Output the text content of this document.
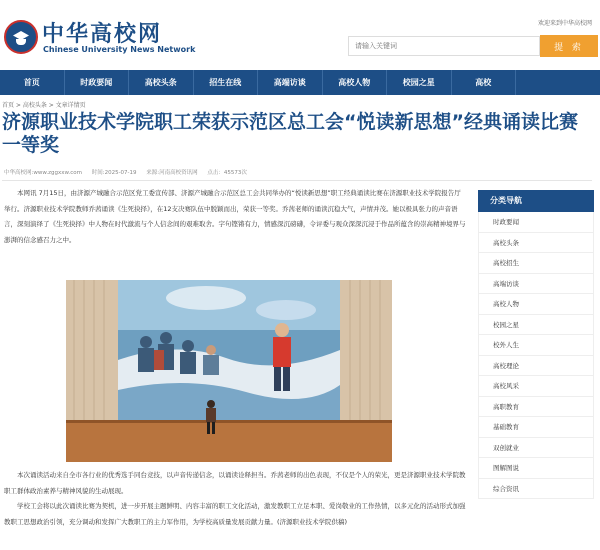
中华高校网
Chinese University News Network
欢迎来到中华高校网
请输入关键词
提 索
首页	时政要闻	高校头条	招生在线	高端访谈	高校人物	校园之星	高校
首页 > 高校头条 > 文章详情页
济源职业技术学院职工荣获示范区总工会“悦读新思想”经典诵读比赛一等奖
中华高校网:www.zggxxw.com 时间:2025-07-19 来源:河南高校资讯网 点击：45573次

本网讯 7月15日，由济源产城融合示范区党工委宣传部、济源产城融合示范区总工会共同举办的“悦读新思想”职工经典诵读比赛在济源职业技术学院报告厅举行。济源职业技术学院教师乔茜诵读《生死抉择》，在12支决赛队伍中脱颖而出，荣获一等奖。乔茜老师的诵读沉稳大气，声情并茂。她以极具张力的声音语言，深刻演绎了《生死抉择》中人物在时代激流与个人信念间的艰难取舍。字句铿锵有力，情感深沉磅礴，令评委与观众深深沉浸于作品所蕴含的崇高精神境界与澎湃的信念感召力之中。

本次诵读活动来自全市各行业的优秀选手同台竞技，以声音传递信念，以诵读诠释担当。乔茜老师的出色表现，不仅是个人的荣光，更是济源职业技术学院教职工群体政治素养与精神风貌的生动展现。

学校工会将以此次诵读比赛为契机，进一步开展主题鲜明、内容丰富的职工文化活动，激发教职工立足本职、爱岗敬业的工作热情，以多元化的活动形式加强教职工思想政治引领，充分调动和发挥广大教职工的主力军作用，为学校高质量发展贡献力量。(济源职业技术学院供稿)

分类导航
时政要闻
高校头条
高校招生
高端访谈
高校人物
校园之星
校外人生
高校理论
高校风采
高职教育
基础教育
双创就业
图解图说
综合资讯
